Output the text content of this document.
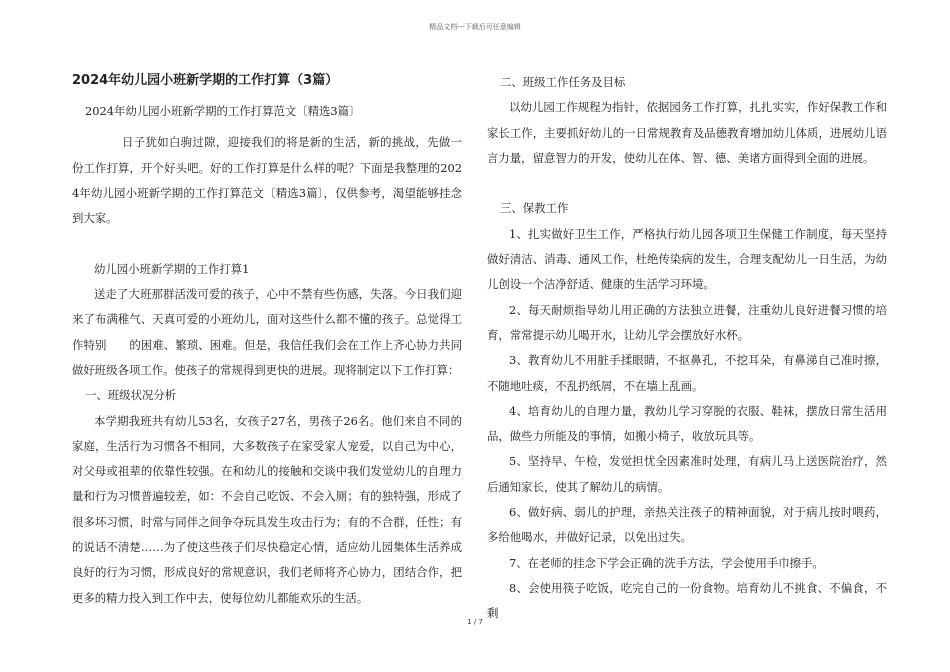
精品文档---下载后可任意编辑
2024年幼儿园小班新学期的工作打算（3篇）

2024年幼儿园小班新学期的工作打算范文〔精选3篇〕

日子犹如白驹过隙，迎接我们的将是新的生活，新的挑战，先做一份工作打算，开个好头吧。好的工作打算是什么样的呢？下面是我整理的2024年幼儿园小班新学期的工作打算范文〔精选3篇〕，仅供参考，渴望能够挂念到大家。

幼儿园小班新学期的工作打算1

送走了大班那群活泼可爱的孩子，心中不禁有些伤感，失落。今日我们迎来了布满稚气、天真可爱的小班幼儿，面对这些什么都不懂的孩子。总觉得工作特别　　的困难、繁琐、困难。但是，我信任我们会在工作上齐心协力共同做好班级各项工作。使孩子的常规得到更快的进展。现将制定以下工作打算：

一、班级状况分析

本学期我班共有幼儿53名，女孩子27名，男孩子26名。他们来自不同的家庭，生活行为习惯各不相同，大多数孩子在家受家人宠爱，以自己为中心，对父母或祖辈的依靠性较强。在和幼儿的接触和交谈中我们发觉幼儿的自理力量和行为习惯普遍较差，如：不会自己吃饭、不会入厕；有的独特强，形成了很多坏习惯，时常与同伴之间争夺玩具发生攻击行为；有的不合群，任性；有的说话不清楚……为了使这些孩子们尽快稳定心情，适应幼儿园集体生活养成良好的行为习惯，形成良好的常规意识，我们老师将齐心协力，团结合作，把更多的精力投入到工作中去，使每位幼儿都能欢乐的生活。

二、班级工作任务及目标

以幼儿园工作规程为指针，依据园务工作打算，扎扎实实，作好保教工作和家长工作，主要抓好幼儿的一日常规教育及品德教育增加幼儿体质，进展幼儿语言力量，留意智力的开发，使幼儿在体、智、德、美诸方面得到全面的进展。

三、保教工作

1、扎实做好卫生工作，严格执行幼儿园各项卫生保健工作制度，每天坚持做好清洁、消毒、通风工作，杜绝传染病的发生，合理支配幼儿一日生活，为幼儿创设一个洁净舒适、健康的生活学习环境。

2、每天耐烦指导幼儿用正确的方法独立进餐，注重幼儿良好进餐习惯的培育，常常提示幼儿喝开水，让幼儿学会摆放好水杯。

3、教育幼儿不用脏手揉眼睛，不抠鼻孔，不挖耳朵，有鼻涕自己准时擦，不随地吐痰，不乱扔纸屑，不在墙上乱画。

4、培育幼儿的自理力量，教幼儿学习穿脱的衣服、鞋袜，摆放日常生活用品，做些力所能及的事情，如搬小椅子，收放玩具等。

5、坚持早、午检，发觉担忧全因素准时处理，有病儿马上送医院治疗，然后通知家长，使其了解幼儿的病情。

6、做好病、弱儿的护理，亲热关注孩子的精神面貌，对于病儿按时喂药，多给他喝水，并做好记录，以免出过失。

7、在老师的挂念下学会正确的洗手方法，学会使用手巾擦手。

8、会使用筷子吃饭，吃完自己的一份食物。培育幼儿不挑食、不偏食，不剩

1 / 7
